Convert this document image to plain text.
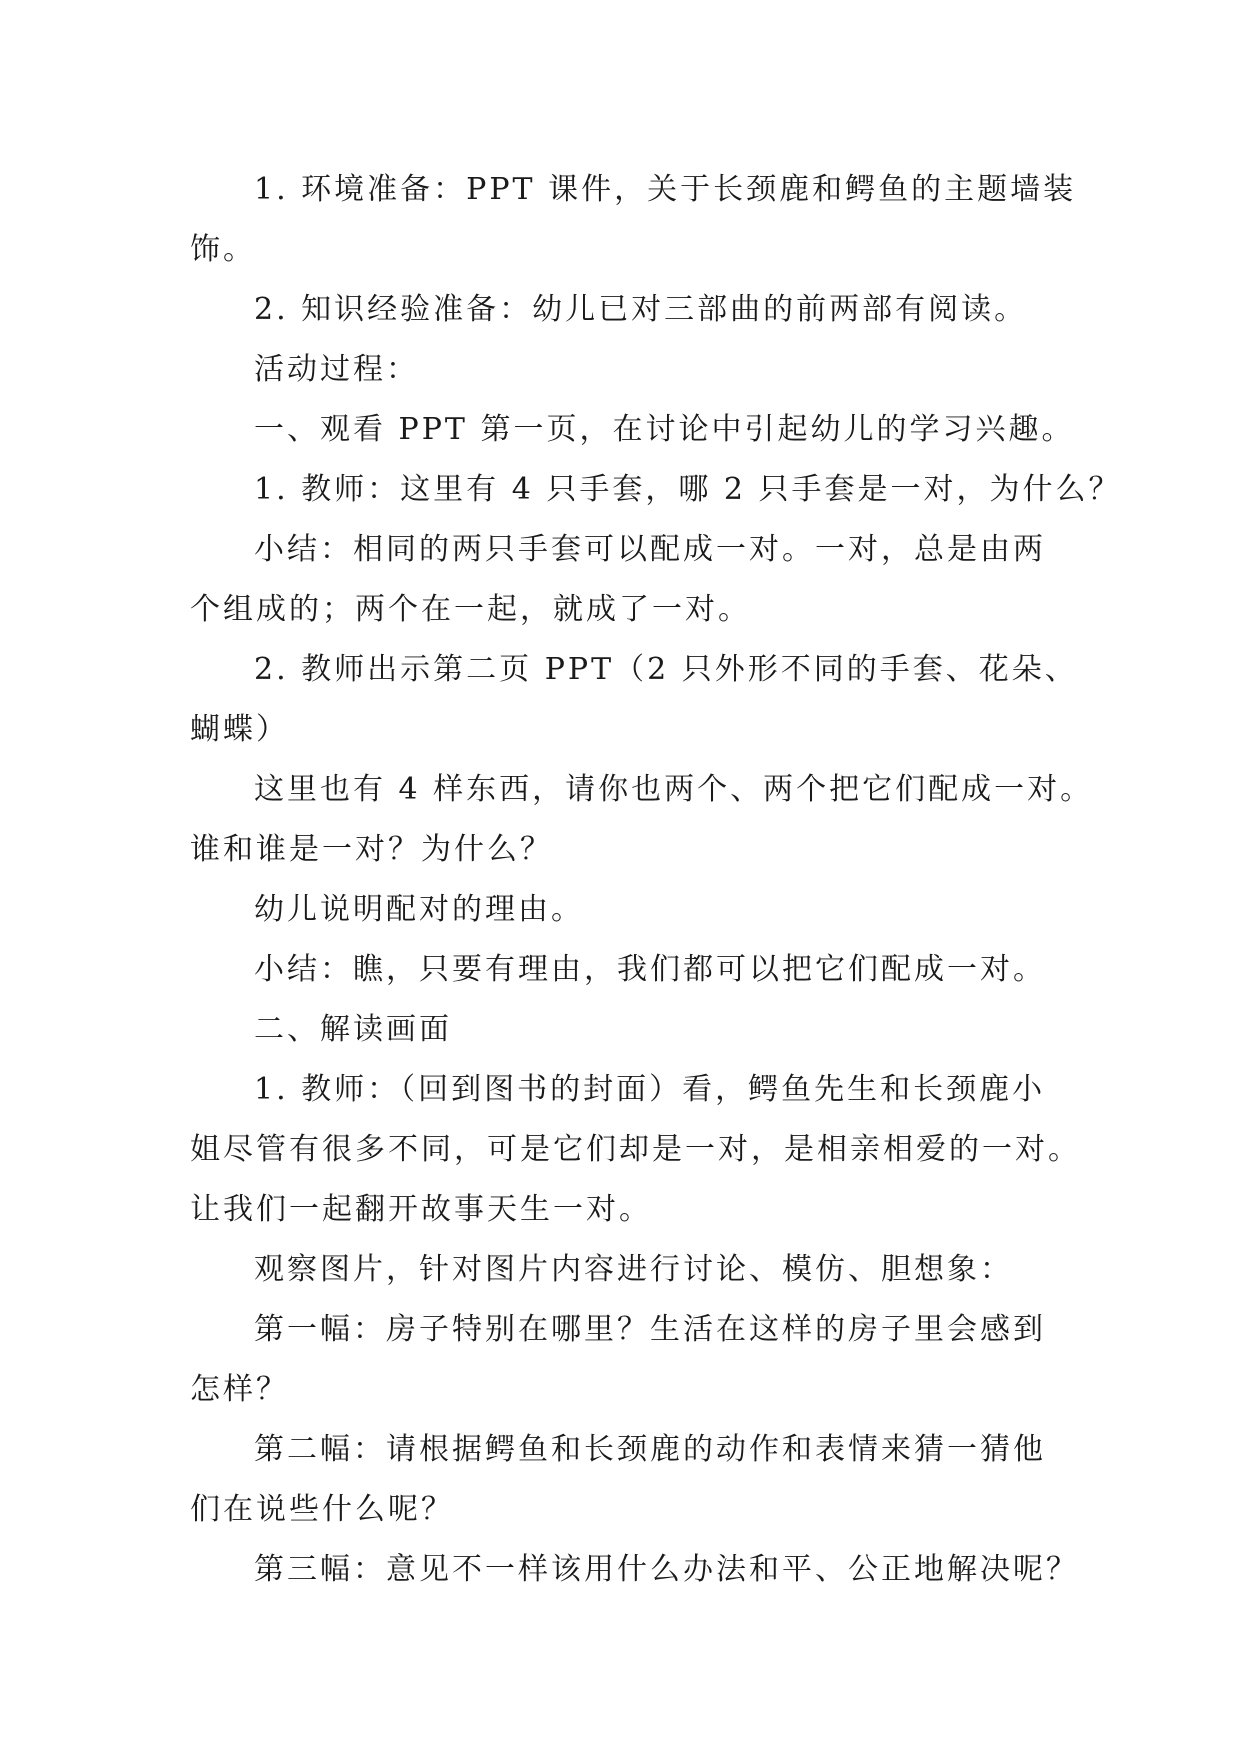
1. 环境准备：PPT 课件，关于长颈鹿和鳄鱼的主题墙装
饰。
2. 知识经验准备：幼儿已对三部曲的前两部有阅读。
活动过程：
一、观看 PPT 第一页，在讨论中引起幼儿的学习兴趣。
1. 教师：这里有 4 只手套，哪 2 只手套是一对，为什么？
小结：相同的两只手套可以配成一对。一对，总是由两
个组成的；两个在一起，就成了一对。
2. 教师出示第二页 PPT（2 只外形不同的手套、花朵、
蝴蝶）
这里也有 4 样东西，请你也两个、两个把它们配成一对。
谁和谁是一对？为什么？
幼儿说明配对的理由。
小结：瞧，只要有理由，我们都可以把它们配成一对。
二、解读画面
1. 教师：（回到图书的封面）看，鳄鱼先生和长颈鹿小
姐尽管有很多不同，可是它们却是一对，是相亲相爱的一对。
让我们一起翻开故事天生一对。
观察图片，针对图片内容进行讨论、模仿、胆想象：
第一幅：房子特别在哪里？生活在这样的房子里会感到
怎样？
第二幅：请根据鳄鱼和长颈鹿的动作和表情来猜一猜他
们在说些什么呢？
第三幅：意见不一样该用什么办法和平、公正地解决呢？
